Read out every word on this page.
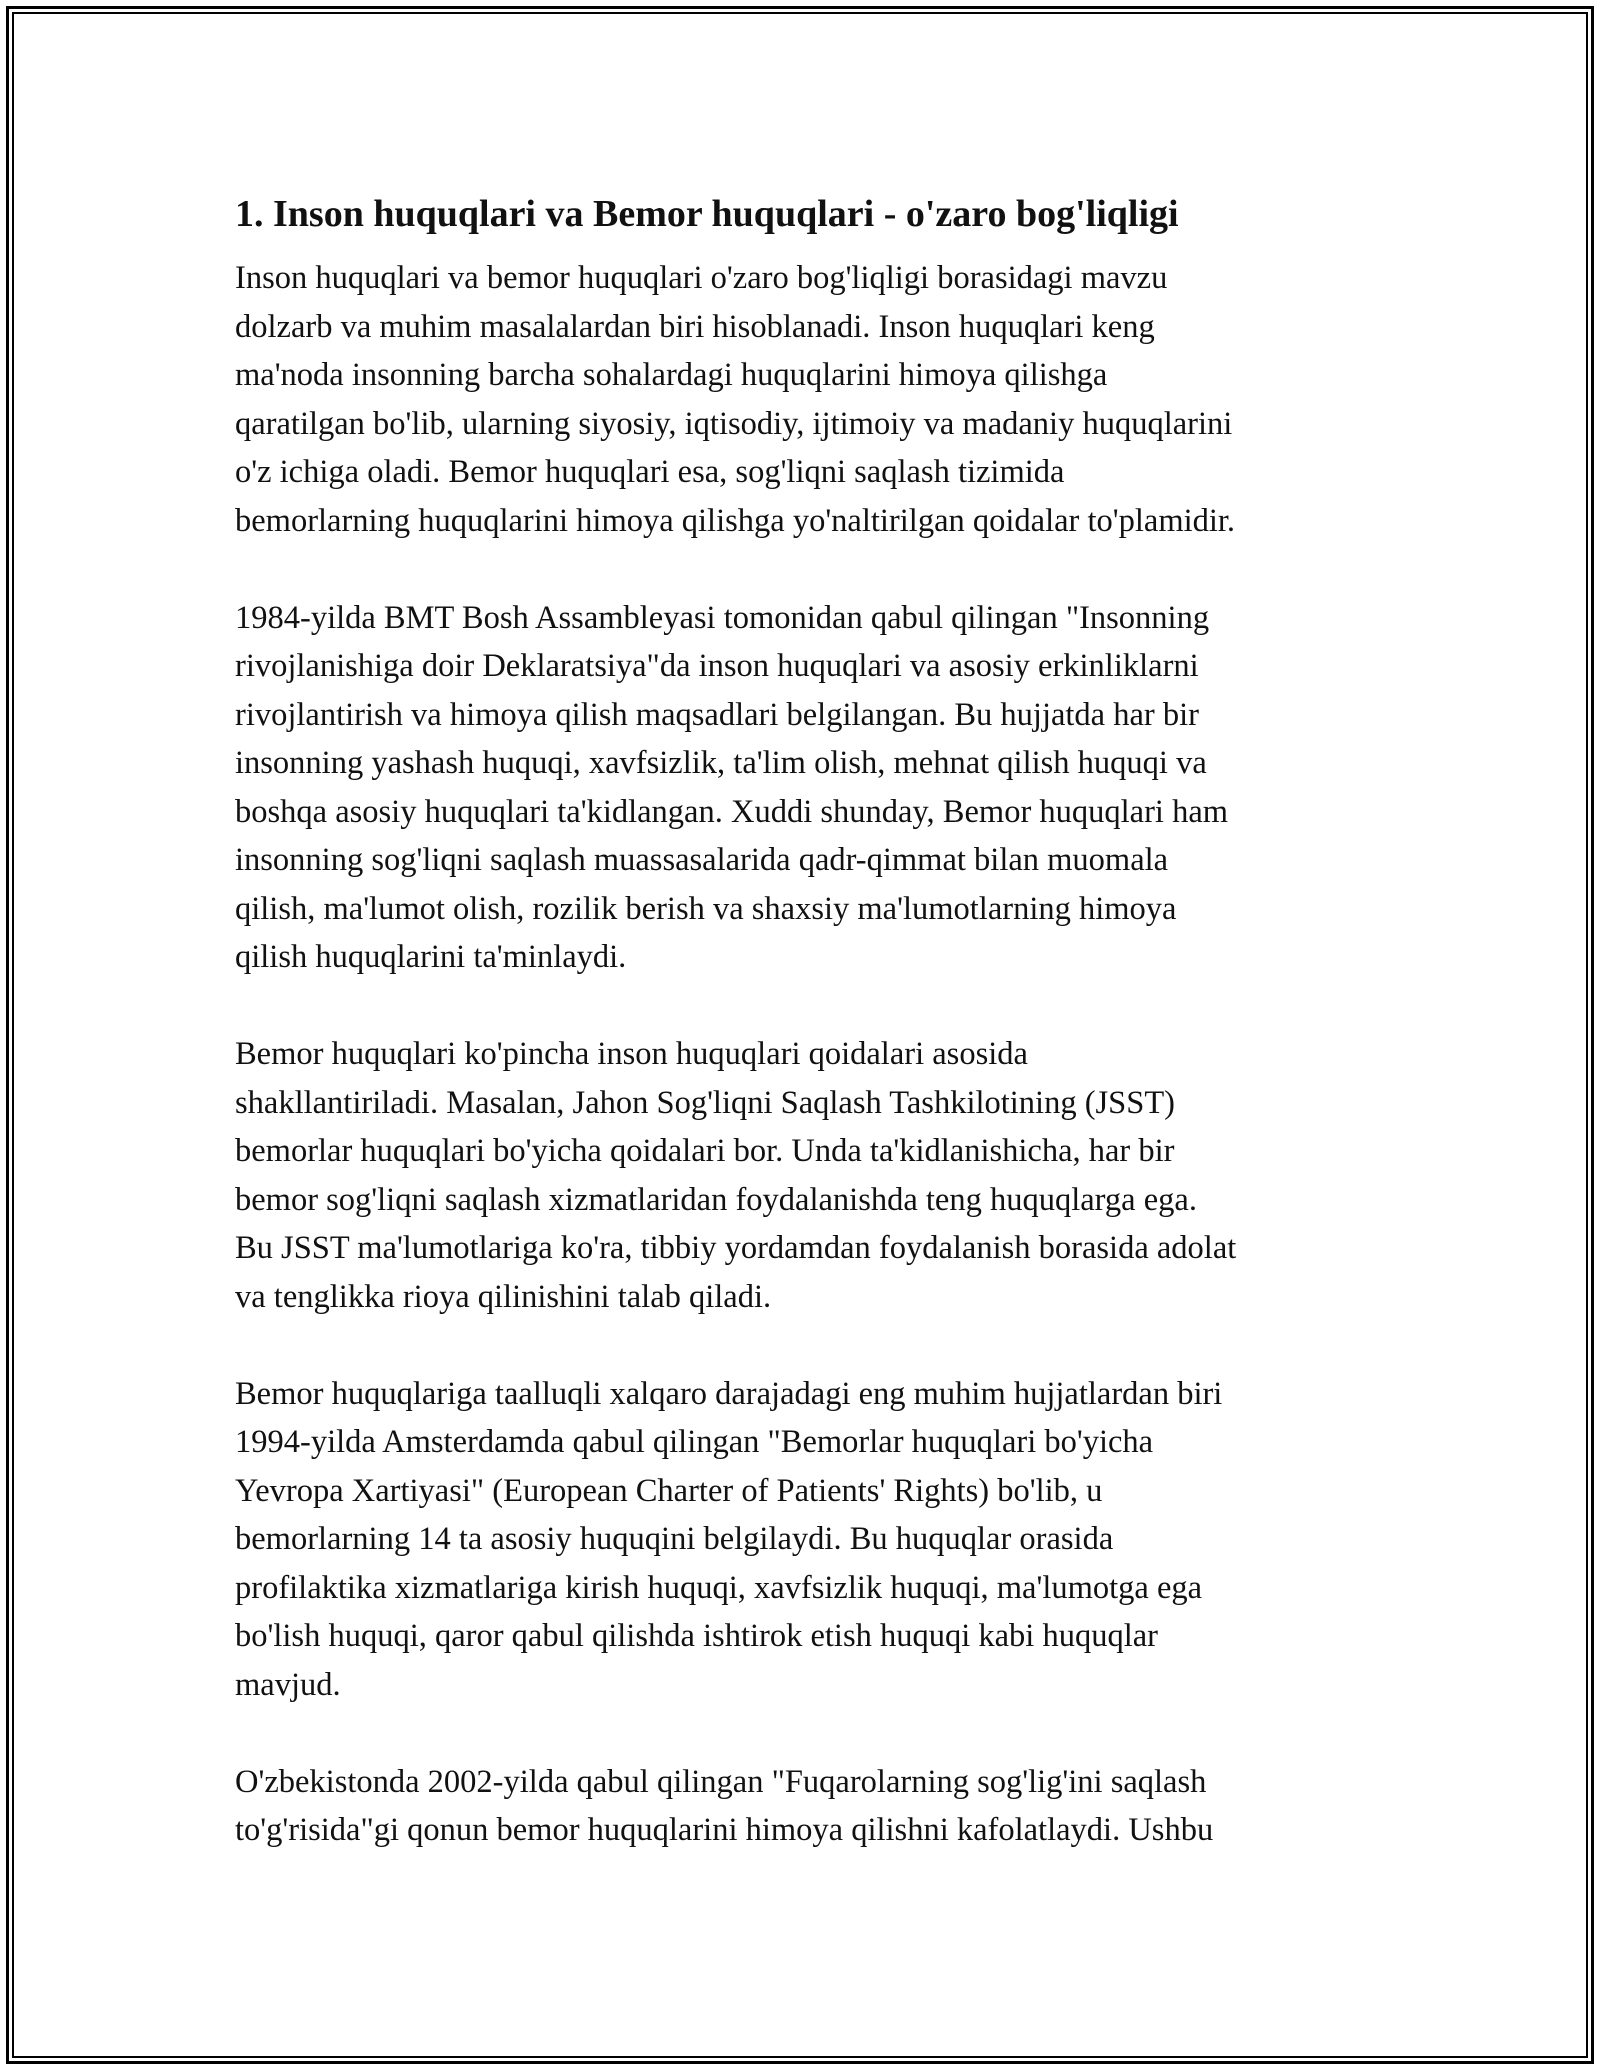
1. Inson huquqlari va Bemor huquqlari - o'zaro bog'liqligi

Inson huquqlari va bemor huquqlari o'zaro bog'liqligi borasidagi mavzu
dolzarb va muhim masalalardan biri hisoblanadi. Inson huquqlari keng
ma'noda insonning barcha sohalardagi huquqlarini himoya qilishga
qaratilgan bo'lib, ularning siyosiy, iqtisodiy, ijtimoiy va madaniy huquqlarini
o'z ichiga oladi. Bemor huquqlari esa, sog'liqni saqlash tizimida
bemorlarning huquqlarini himoya qilishga yo'naltirilgan qoidalar to'plamidir.

1984-yilda BMT Bosh Assambleyasi tomonidan qabul qilingan "Insonning
rivojlanishiga doir Deklaratsiya"da inson huquqlari va asosiy erkinliklarni
rivojlantirish va himoya qilish maqsadlari belgilangan. Bu hujjatda har bir
insonning yashash huquqi, xavfsizlik, ta'lim olish, mehnat qilish huquqi va
boshqa asosiy huquqlari ta'kidlangan. Xuddi shunday, Bemor huquqlari ham
insonning sog'liqni saqlash muassasalarida qadr-qimmat bilan muomala
qilish, ma'lumot olish, rozilik berish va shaxsiy ma'lumotlarning himoya
qilish huquqlarini ta'minlaydi.

Bemor huquqlari ko'pincha inson huquqlari qoidalari asosida
shakllantiriladi. Masalan, Jahon Sog'liqni Saqlash Tashkilotining (JSST)
bemorlar huquqlari bo'yicha qoidalari bor. Unda ta'kidlanishicha, har bir
bemor sog'liqni saqlash xizmatlaridan foydalanishda teng huquqlarga ega.
Bu JSST ma'lumotlariga ko'ra, tibbiy yordamdan foydalanish borasida adolat
va tenglikka rioya qilinishini talab qiladi.

Bemor huquqlariga taalluqli xalqaro darajadagi eng muhim hujjatlardan biri
1994-yilda Amsterdamda qabul qilingan "Bemorlar huquqlari bo'yicha
Yevropa Xartiyasi" (European Charter of Patients' Rights) bo'lib, u
bemorlarning 14 ta asosiy huquqini belgilaydi. Bu huquqlar orasida
profilaktika xizmatlariga kirish huquqi, xavfsizlik huquqi, ma'lumotga ega
bo'lish huquqi, qaror qabul qilishda ishtirok etish huquqi kabi huquqlar
mavjud.

O'zbekistonda 2002-yilda qabul qilingan "Fuqarolarning sog'lig'ini saqlash
to'g'risida"gi qonun bemor huquqlarini himoya qilishni kafolatlaydi. Ushbu
